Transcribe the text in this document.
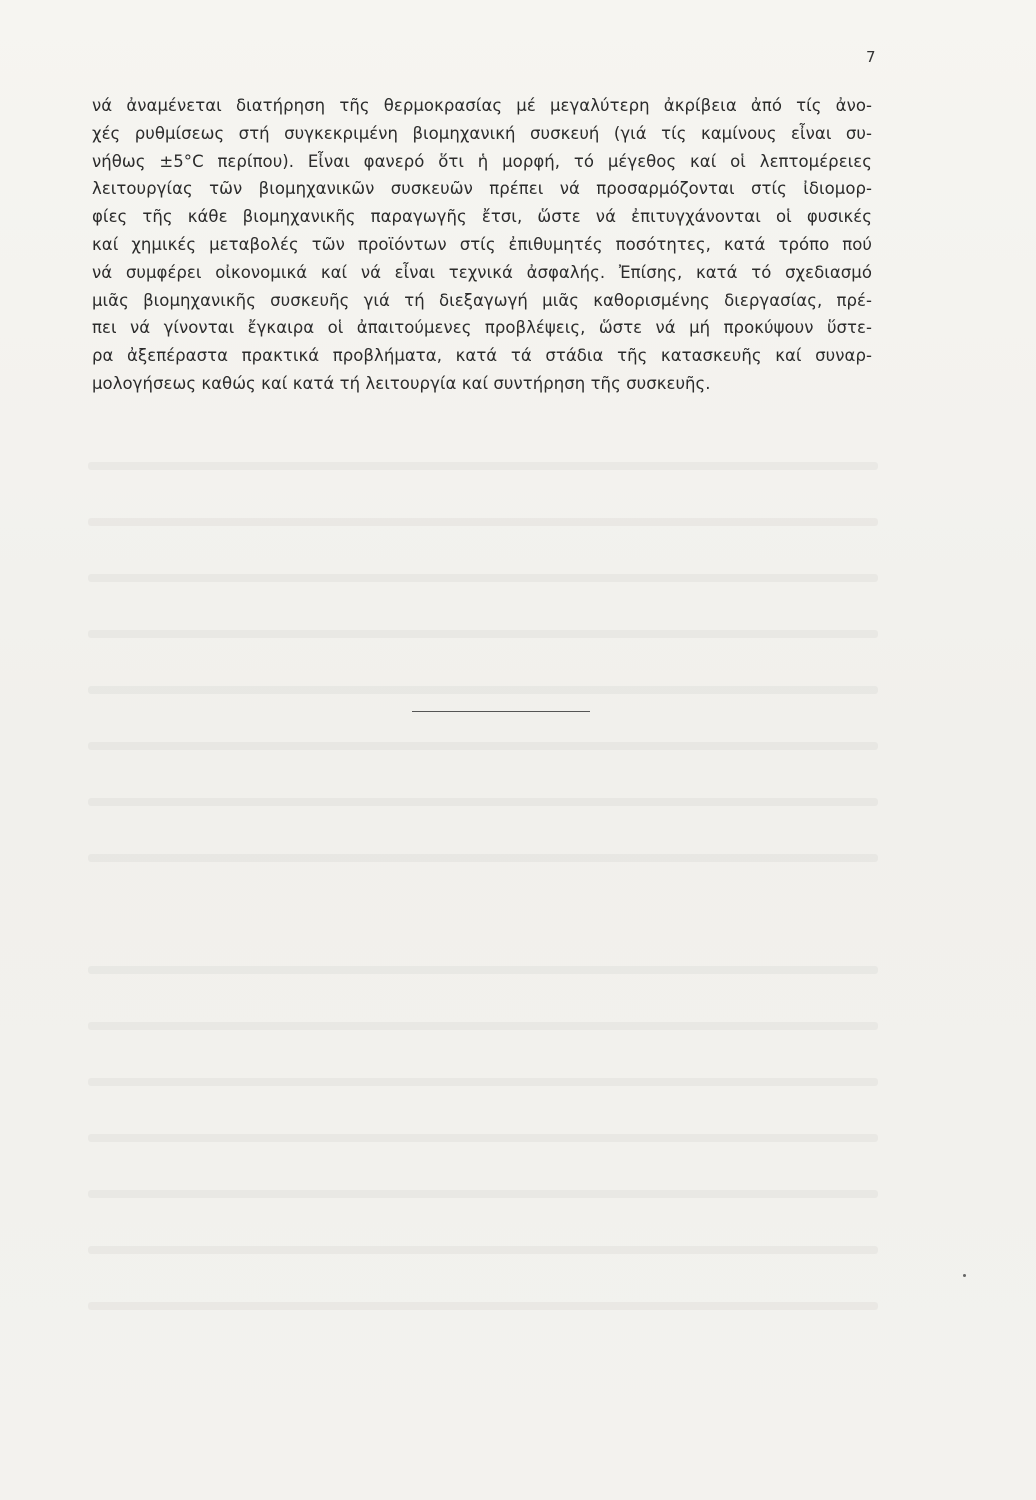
7
νά ἀναμένεται διατήρηση τῆς θερμοκρασίας μέ μεγαλύτερη ἀκρίβεια ἀπό τίς ἀνο-
χές ρυθμίσεως στή συγκεκριμένη βιομηχανική συσκευή (γιά τίς καμίνους εἶναι συ-
νήθως ±5°C περίπου). Εἶναι φανερό ὅτι ἡ μορφή, τό μέγεθος καί οἱ λεπτομέρειες
λειτουργίας τῶν βιομηχανικῶν συσκευῶν πρέπει νά προσαρμόζονται στίς ἰδιομορ-
φίες τῆς κάθε βιομηχανικῆς παραγωγῆς ἔτσι, ὥστε νά ἐπιτυγχάνονται οἱ φυσικές
καί χημικές μεταβολές τῶν προϊόντων στίς ἐπιθυμητές ποσότητες, κατά τρόπο πού
νά συμφέρει οἰκονομικά καί νά εἶναι τεχνικά ἀσφαλής. Ἐπίσης, κατά τό σχεδιασμό
μιᾶς βιομηχανικῆς συσκευῆς γιά τή διεξαγωγή μιᾶς καθορισμένης διεργασίας, πρέ-
πει νά γίνονται ἔγκαιρα οἱ ἀπαιτούμενες προβλέψεις, ὥστε νά μή προκύψουν ὕστε-
ρα ἀξεπέραστα πρακτικά προβλήματα, κατά τά στάδια τῆς κατασκευῆς καί συναρ-
μολογήσεως καθώς καί κατά τή λειτουργία καί συντήρηση τῆς συσκευῆς.
